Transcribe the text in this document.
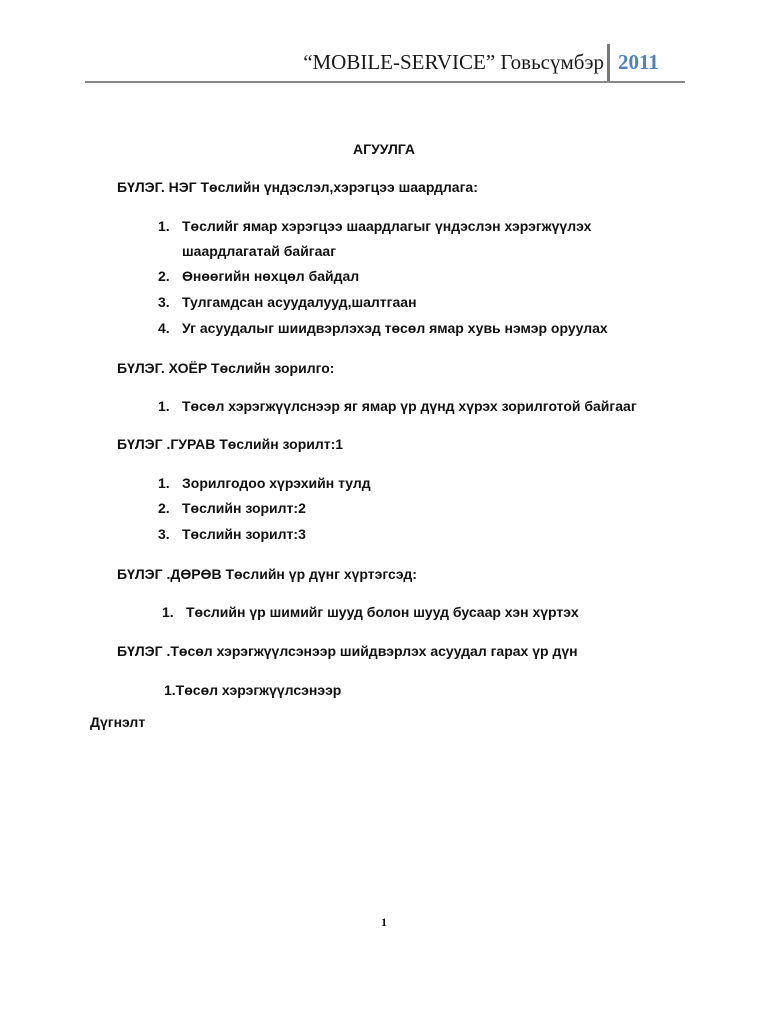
“MOBILE-SERVICE” Говьсүмбэр 2011
АГУУЛГА
БҮЛЭГ. НЭГ Төслийн үндэслэл,хэрэгцээ шаардлага:
1. Төслийг ямар хэрэгцээ шаардлагыг үндэслэн хэрэгжүүлэх
шаардлагатай байгааг
2. Өнөөгийн нөхцөл байдал
3. Тулгамдсан асуудалууд,шалтгаан
4. Уг асуудалыг шиидвэрлэхэд төсөл ямар хувь нэмэр оруулах
БҮЛЭГ. ХОЁР Төслийн зорилго:
1. Төсөл хэрэгжүүлснээр яг ямар үр дүнд хүрэх зорилготой байгааг
БҮЛЭГ .ГУРАВ Төслийн зорилт:1
1. Зорилгодоо хүрэхийн тулд
2. Төслийн зорилт:2
3. Төслийн зорилт:3
БҮЛЭГ .ДӨРӨВ Төслийн үр дүнг хүртэгсэд:
1. Төслийн үр шимийг шууд болон шууд бусаар хэн хүртэх
БҮЛЭГ .Төсөл хэрэгжүүлсэнээр шийдвэрлэх асуудал гарах үр дүн
1.Төсөл хэрэгжүүлсэнээр
Дүгнэлт
1
